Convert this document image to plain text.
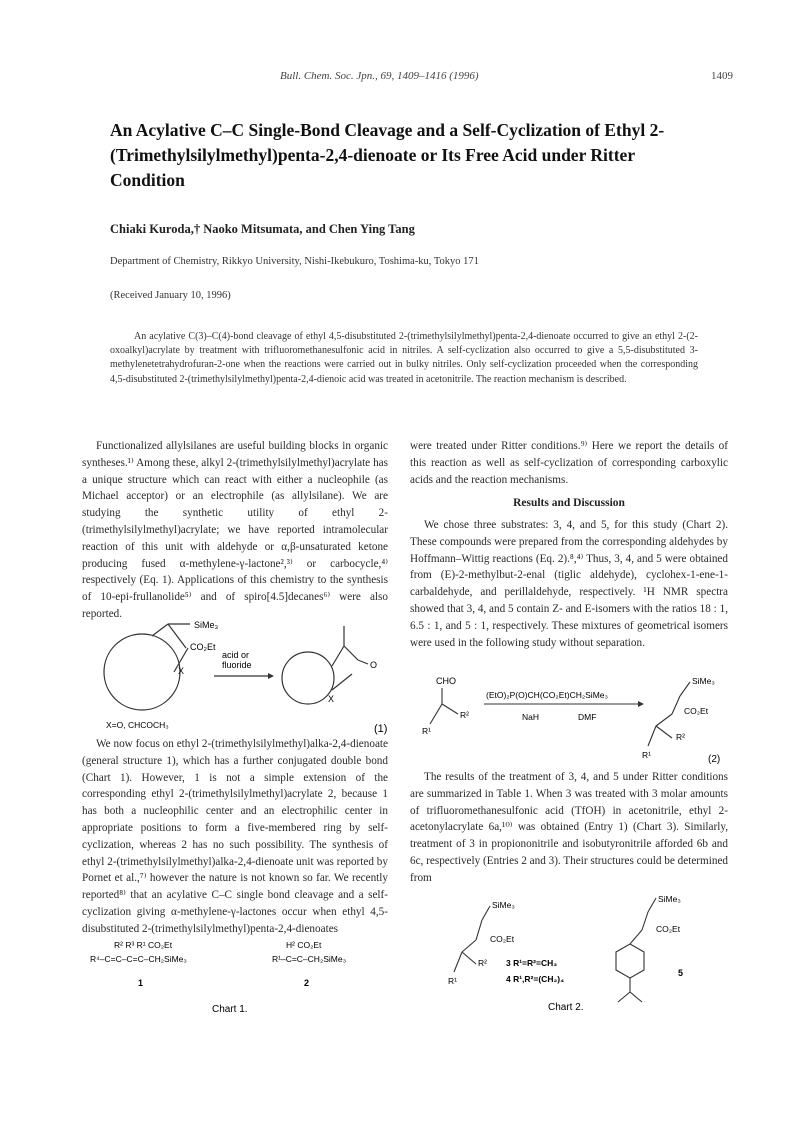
Bull. Chem. Soc. Jpn., 69, 1409–1416 (1996)	1409
An Acylative C–C Single-Bond Cleavage and a Self-Cyclization of Ethyl 2-(Trimethylsilylmethyl)penta-2,4-dienoate or Its Free Acid under Ritter Condition
Chiaki Kuroda,† Naoko Mitsumata, and Chen Ying Tang
Department of Chemistry, Rikkyo University, Nishi-Ikebukuro, Toshima-ku, Tokyo 171
(Received January 10, 1996)
An acylative C(3)–C(4)-bond cleavage of ethyl 4,5-disubstituted 2-(trimethylsilylmethyl)penta-2,4-dienoate occurred to give an ethyl 2-(2-oxoalkyl)acrylate by treatment with trifluoromethanesulfonic acid in nitriles. A self-cyclization also occurred to give a 5,5-disubstituted 3-methylenetetrahydrofuran-2-one when the reactions were carried out in bulky nitriles. Only self-cyclization proceeded when the corresponding 4,5-disubstituted 2-(trimethylsilylmethyl)penta-2,4-dienoic acid was treated in acetonitrile. The reaction mechanism is described.
Functionalized allylsilanes are useful building blocks in organic syntheses.¹⁾ Among these, alkyl 2-(trimethylsilylmethyl)acrylate has a unique structure which can react with either a nucleophile (as Michael acceptor) or an electrophile (as allylsilane). We are studying the synthetic utility of ethyl 2-(trimethylsilylmethyl)acrylate; we have reported intramolecular reaction of this unit with aldehyde or α,β-unsaturated ketone producing fused α-methylene-γ-lactone²,³⁾ or carbocycle,⁴⁾ respectively (Eq. 1). Applications of this chemistry to the synthesis of 10-epi-frullanolide⁵⁾ and of spiro[4.5]decanes⁶⁾ were also reported.
SiMe₃
CO₂Et
X
X=O, CHCOCH₃
acid or
fluoride	O
X
(1)
We now focus on ethyl 2-(trimethylsilylmethyl)alka-2,4-dienoate (general structure 1), which has a further conjugated double bond (Chart 1). However, 1 is not a simple extension of the corresponding ethyl 2-(trimethylsilylmethyl)acrylate 2, because 1 has both a nucleophilic center and an electrophilic center in appropriate positions to form a five-membered ring by self-cyclization, whereas 2 has no such possibility. The synthesis of ethyl 2-(trimethylsilylmethyl)alka-2,4-dienoate unit was reported by Pornet et al.,⁷⁾ however the nature is not known so far. We recently reported⁸⁾ that an acylative C–C single bond cleavage and a self-cyclization giving α-methylene-γ-lactones occur when ethyl 4,5-disubstituted 2-(trimethylsilylmethyl)penta-2,4-dienoates
R² R³ R¹ CO₂Et
R⁴–C=C–C=C–CH₂SiMe₃
1
H² CO₂Et
R¹–C=C–CH₂SiMe₃
2
Chart 1.
were treated under Ritter conditions.⁹⁾ Here we report the details of this reaction as well as self-cyclization of corresponding carboxylic acids and the reaction mechanisms.
Results and Discussion
We chose three substrates: 3, 4, and 5, for this study (Chart 2). These compounds were prepared from the corresponding aldehydes by Hoffmann–Wittig reactions (Eq. 2).⁸,⁴⁾ Thus, 3, 4, and 5 were obtained from (E)-2-methylbut-2-enal (tiglic aldehyde), cyclohex-1-ene-1-carbaldehyde, and perillaldehyde, respectively. ¹H NMR spectra showed that 3, 4, and 5 contain Z- and E-isomers with the ratios 18 : 1, 6.5 : 1, and 5 : 1, respectively. These mixtures of geometrical isomers were used in the following study without separation.
CHO
R²
R¹
(EtO)₂P(O)CH(CO₂Et)CH₂SiMe₃
NaH	DMF
SiMe₃
CO₂Et
R²
R¹	(2)
The results of the treatment of 3, 4, and 5 under Ritter conditions are summarized in Table 1. When 3 was treated with 3 molar amounts of trifluoromethanesulfonic acid (TfOH) in acetonitrile, ethyl 2-acetonylacrylate 6a,¹⁰⁾ was obtained (Entry 1) (Chart 3). Similarly, treatment of 3 in propiononitrile and isobutyronitrile afforded 6b and 6c, respectively (Entries 2 and 3). Their structures could be determined from
SiMe₃
CO₂Et
R²
R¹
3 R¹=R²=CH₃
4 R¹,R²=(CH₂)₄
SiMe₃
CO₂Et
5
Chart 2.
